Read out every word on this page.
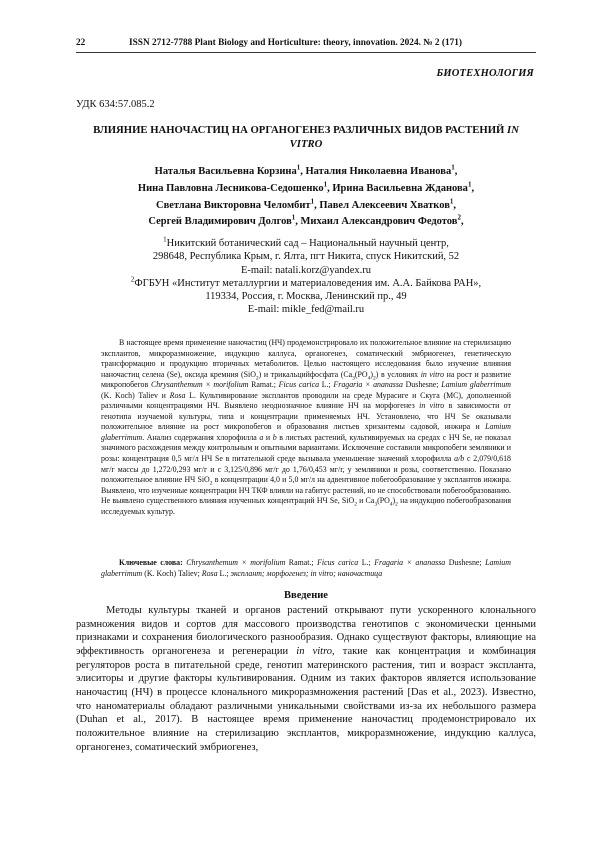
22	ISSN 2712-7788 Plant Biology and Horticulture: theory, innovation. 2024. № 2 (171)
БИОТЕХНОЛОГИЯ
УДК 634:57.085.2
ВЛИЯНИЕ НАНОЧАСТИЦ НА ОРГАНОГЕНЕЗ РАЗЛИЧНЫХ ВИДОВ РАСТЕНИЙ IN VITRO
Наталья Васильевна Корзина$^1$, Наталия Николаевна Иванова$^1$,
Нина Павловна Лесникова-Седошенко$^1$, Ирина Васильевна Жданова$^1$,
Светлана Викторовна Челомбит$^1$, Павел Алексеевич Хватков$^1$,
Сергей Владимирович Долгов$^1$, Михаил Александрович Федотов$^2$,
$^1$Никитский ботанический сад – Национальный научный центр,
298648, Республика Крым, г. Ялта, пгт Никита, спуск Никитский, 52
E-mail: natali.korz@yandex.ru
$^2$ФГБУН «Институт металлургии и материаловедения им. А.А. Байкова РАН»,
119334, Россия, г. Москва, Ленинский пр., 49
E-mail: mikle_fed@mail.ru

В настоящее время применение наночастиц (НЧ) продемонстрировало их положительное влияние на стерилизацию эксплантов, микроразмножение, индукцию каллуса, органогенез, соматический эмбриогенез, генетическую трансформацию и продукцию вторичных метаболитов. Целью настоящего исследования было изучение влияния наночастиц селена (Se), оксида кремния (SiO$_2$) и трикальцийфосфата $(Ca_3(PO_4)_2)$ в условиях in vitro на рост и развитие микропобегов Chrysanthemum × morifolium Ramat.; Ficus carica L.; Fragaria × ananassa Dushesne; Lamium glaberrimum (K. Koch) Taliev и Rosa L. Культивирование эксплантов проводили на среде Мурасиге и Скуга (МС), дополненной различными концентрациями НЧ. Выявлено неоднозначное влияние НЧ на морфогенез in vitro в зависимости от генотипа изучаемой культуры, типа и концентрации применяемых НЧ. Установлено, что НЧ Se оказывали положительное влияние на рост микропобегов и образования листьев хризантемы садовой, инжира и Lamium glaberrimum. Анализ содержания хлорофилла a и b в листьях растений, культивируемых на средах с НЧ Se, не показал значимого расхождения между контрольным и опытными вариантами. Исключение составили микропобеги земляники и розы: концентрация 0,5 мг/л НЧ Se в питательной среде вызывала уменьшение значений хлорофилла a/b с 2,079/0,618 мг/г массы до 1,272/0,293 мг/г и с 3,125/0,896 мг/г до 1,76/0,453 мг/г, у земляники и розы, соответственно. Показано положительное влияние НЧ SiO$_2$ в концентрации 4,0 и 5,0 мг/л на адвентивное побегообразование у эксплантов инжира. Выявлено, что изученные концентрации НЧ ТКФ влияли на габитус растений, но не способствовали побегообразованию. Не выявлено существенного влияния изученных концентраций НЧ Se, SiO$_2$ и $Ca_3(PO_4)_2$ на индукцию побегообразования исследуемых культур.

Ключевые слова: Chrysanthemum × morifolium Ramat.; Ficus carica L.; Fragaria × ananassa Dushesne; Lamium glaberrimum (K. Koch) Taliev; Rosa L.; эксплант; морфогенез; in vitro; наночастица

Введение

Методы культуры тканей и органов растений открывают пути ускоренного клонального размножения видов и сортов для массового производства генотипов с экономически ценными признаками и сохранения биологического разнообразия. Однако существуют факторы, влияющие на эффективность органогенеза и регенерации in vitro, такие как концентрация и комбинация регуляторов роста в питательной среде, генотип материнского растения, тип и возраст экспланта, элиситоры и другие факторы культивирования. Одним из таких факторов является использование наночастиц (НЧ) в процессе клонального микроразмножения растений [Das et al., 2023). Известно, что наноматериалы обладают различными уникальными свойствами из-за их небольшого размера (Duhan et al., 2017). В настоящее время применение наночастиц продемонстрировало их положительное влияние на стерилизацию эксплантов, микроразмножение, индукцию каллуса, органогенез, соматический эмбриогенез,
